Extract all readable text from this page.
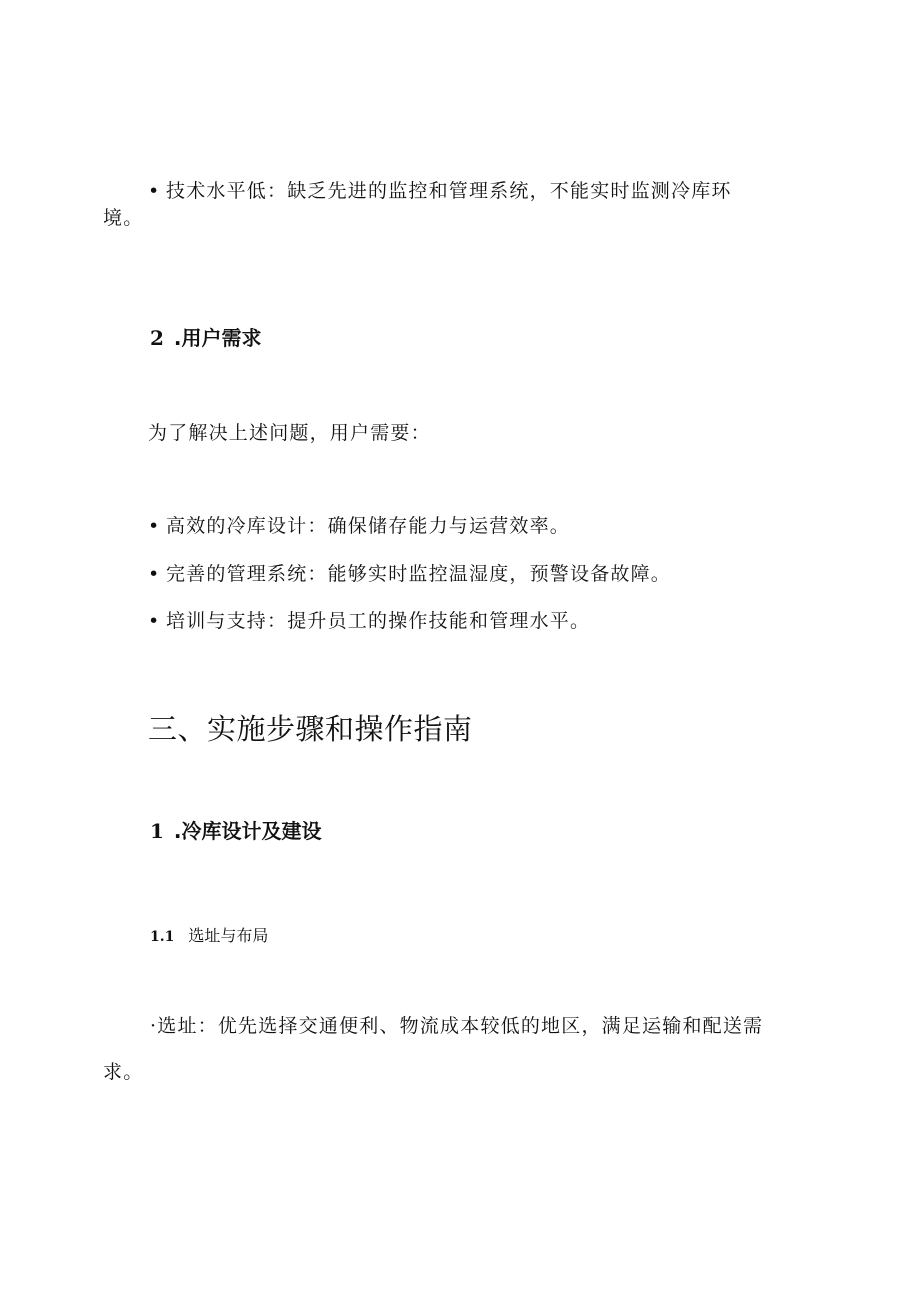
• 技术水平低：缺乏先进的监控和管理系统，不能实时监测冷库环
境。
2 .用户需求
为了解决上述问题，用户需要：
• 高效的冷库设计：确保储存能力与运营效率。
• 完善的管理系统：能够实时监控温湿度，预警设备故障。
• 培训与支持：提升员工的操作技能和管理水平。
三、实施步骤和操作指南
1 .冷库设计及建设
1.1 选址与布局
·选址：优先选择交通便利、物流成本较低的地区，满足运输和配送需
求。
